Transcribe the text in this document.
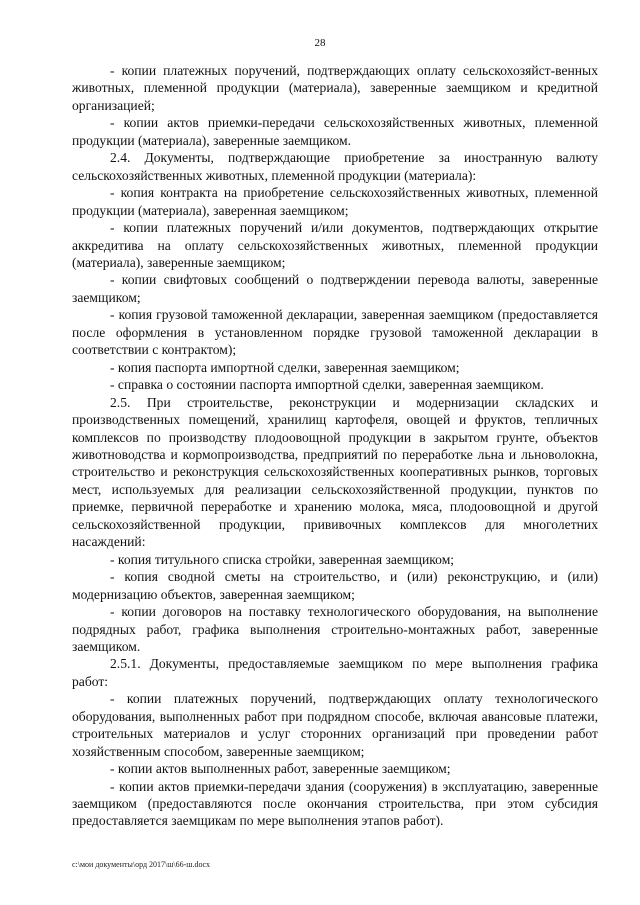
28

- копии платежных поручений, подтверждающих оплату сельскохозяйст-венных животных, племенной продукции (материала), заверенные заемщиком и кредитной организацией;

- копии актов приемки-передачи сельскохозяйственных животных, племенной продукции (материала), заверенные заемщиком.

2.4. Документы, подтверждающие приобретение за иностранную валюту сельскохозяйственных животных, племенной продукции (материала):

- копия контракта на приобретение сельскохозяйственных животных, племенной продукции (материала), заверенная заемщиком;

- копии платежных поручений и/или документов, подтверждающих открытие аккредитива на оплату сельскохозяйственных животных, племенной продукции (материала), заверенные заемщиком;

- копии свифтовых сообщений о подтверждении перевода валюты, заверенные заемщиком;

- копия грузовой таможенной декларации, заверенная заемщиком (предоставляется после оформления в установленном порядке грузовой таможенной декларации в соответствии с контрактом);

- копия паспорта импортной сделки, заверенная заемщиком;

- справка о состоянии паспорта импортной сделки, заверенная заемщиком.

2.5. При строительстве, реконструкции и модернизации складских и производственных помещений, хранилищ картофеля, овощей и фруктов, тепличных комплексов по производству плодоовощной продукции в закрытом грунте, объектов животноводства и кормопроизводства, предприятий по переработке льна и льноволокна, строительство и реконструкция сельскохозяйственных кооперативных рынков, торговых мест, используемых для реализации сельскохозяйственной продукции, пунктов по приемке, первичной переработке и хранению молока, мяса, плодоовощной и другой сельскохозяйственной продукции, прививочных комплексов для многолетних насаждений:

- копия титульного списка стройки, заверенная заемщиком;

- копия сводной сметы на строительство, и (или) реконструкцию, и (или) модернизацию объектов, заверенная заемщиком;

- копии договоров на поставку технологического оборудования, на выполнение подрядных работ, графика выполнения строительно-монтажных работ, заверенные заемщиком.

2.5.1. Документы, предоставляемые заемщиком по мере выполнения графика работ:

- копии платежных поручений, подтверждающих оплату технологического оборудования, выполненных работ при подрядном способе, включая авансовые платежи, строительных материалов и услуг сторонних организаций при проведении работ хозяйственным способом, заверенные заемщиком;

- копии актов выполненных работ, заверенные заемщиком;

- копии актов приемки-передачи здания (сооружения) в эксплуатацию, заверенные заемщиком (предоставляются после окончания строительства, при этом субсидия предоставляется заемщикам по мере выполнения этапов работ).

c:\мои документы\орд 2017\ш\66-ш.docx
